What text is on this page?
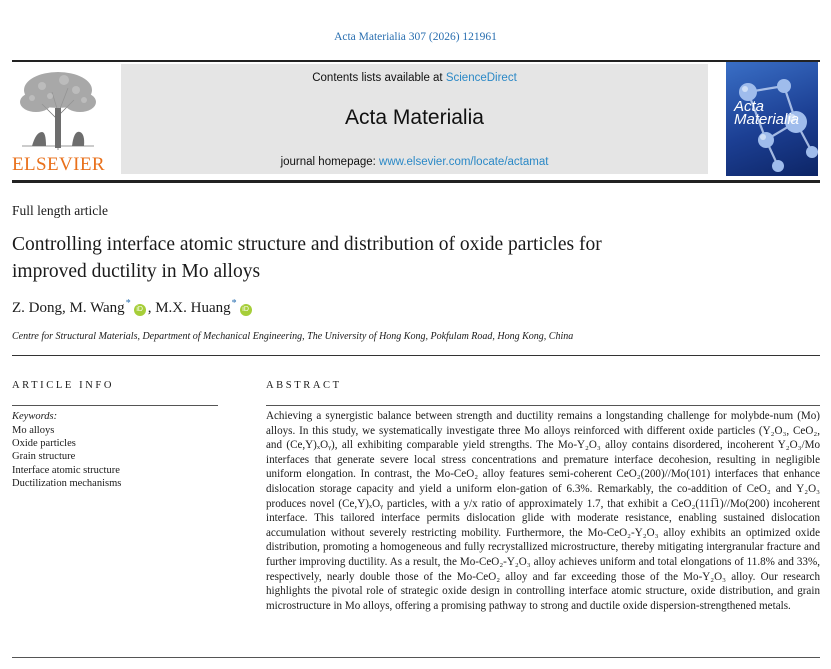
Acta Materialia 307 (2026) 121961
ELSEVIER
Contents lists available at ScienceDirect
Acta Materialia
journal homepage: www.elsevier.com/locate/actamat
Acta
Materialia
Full length article
Controlling interface atomic structure and distribution of oxide particles for
improved ductility in Mo alloys
Z. Dong, M. Wang*iD , M.X. Huang*iD
Centre for Structural Materials, Department of Mechanical Engineering, The University of Hong Kong, Pokfulam Road, Hong Kong, China
ARTICLE INFO	ABSTRACT
Keywords:
Mo alloys
Oxide particles
Grain structure
Interface atomic structure
Ductilization mechanisms

Achieving a synergistic balance between strength and ductility remains a longstanding challenge for molybde-num (Mo) alloys. In this study, we systematically investigate three Mo alloys reinforced with different oxide particles (Y₂O₃, CeO₂, and (Ce,Y)ₓOᵧ), all exhibiting comparable yield strengths. The Mo-Y₂O₃ alloy contains disordered, incoherent Y₂O₃/Mo interfaces that generate severe local stress concentrations and premature interface decohesion, resulting in negligible uniform elongation. In contrast, the Mo-CeO₂ alloy features semi-coherent CeO₂(200)//Mo(101) interfaces that enhance dislocation storage capacity and yield a uniform elon-gation of 6.3%. Remarkably, the co-addition of CeO₂ and Y₂O₃ produces novel (Ce,Y)ₓOᵧ particles, with a y/x ratio of approximately 1.7, that exhibit a CeO₂(111̅1)//Mo(200) incoherent interface. This tailored interface permits dislocation glide with moderate resistance, enabling sustained dislocation accumulation without severely restricting mobility. Furthermore, the Mo-CeO₂-Y₂O₃ alloy exhibits an optimized oxide distribution, promoting a homogeneous and fully recrystallized microstructure, thereby mitigating intergranular fracture and further improving ductility. As a result, the Mo-CeO₂-Y₂O₃ alloy achieves uniform and total elongations of 11.8% and 33%, respectively, nearly double those of the Mo-CeO₂ alloy and far exceeding those of the Mo-Y₂O₃ alloy. Our research highlights the pivotal role of strategic oxide design in controlling interface atomic structure, oxide distribution, and grain microstructure in Mo alloys, offering a promising pathway to strong and ductile oxide dispersion-strengthened metals.
